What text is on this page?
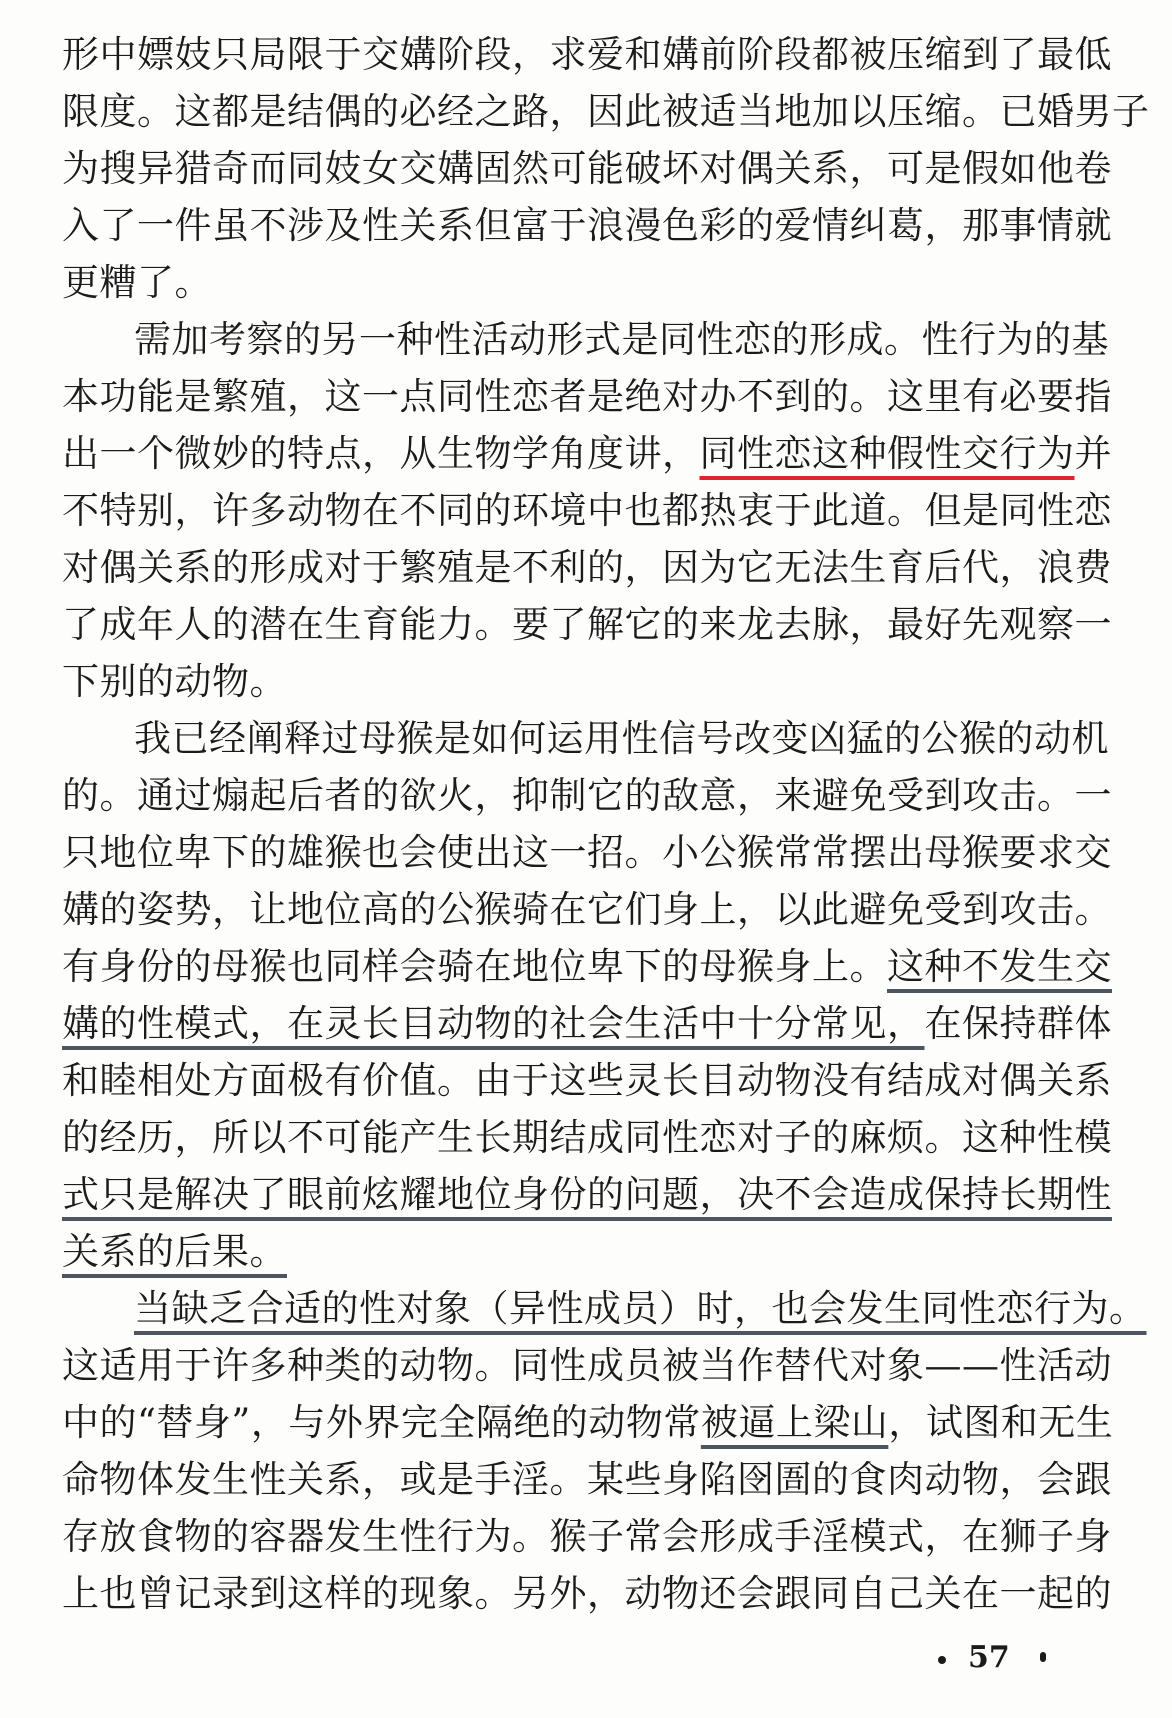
形中嫖妓只局限于交媾阶段，求爱和媾前阶段都被压缩到了最低
限度。这都是结偶的必经之路，因此被适当地加以压缩。已婚男子
为搜异猎奇而同妓女交媾固然可能破坏对偶关系，可是假如他卷
入了一件虽不涉及性关系但富于浪漫色彩的爱情纠葛，那事情就
更糟了。
需加考察的另一种性活动形式是同性恋的形成。性行为的基
本功能是繁殖，这一点同性恋者是绝对办不到的。这里有必要指
出一个微妙的特点，从生物学角度讲，同性恋这种假性交行为并
不特别，许多动物在不同的环境中也都热衷于此道。但是同性恋
对偶关系的形成对于繁殖是不利的，因为它无法生育后代，浪费
了成年人的潜在生育能力。要了解它的来龙去脉，最好先观察一
下别的动物。
我已经阐释过母猴是如何运用性信号改变凶猛的公猴的动机
的。通过煽起后者的欲火，抑制它的敌意，来避免受到攻击。一
只地位卑下的雄猴也会使出这一招。小公猴常常摆出母猴要求交
媾的姿势，让地位高的公猴骑在它们身上，以此避免受到攻击。
有身份的母猴也同样会骑在地位卑下的母猴身上。这种不发生交
媾的性模式，在灵长目动物的社会生活中十分常见，在保持群体
和睦相处方面极有价值。由于这些灵长目动物没有结成对偶关系
的经历，所以不可能产生长期结成同性恋对子的麻烦。这种性模
式只是解决了眼前炫耀地位身份的问题，决不会造成保持长期性
关系的后果。
当缺乏合适的性对象（异性成员）时，也会发生同性恋行为。
这适用于许多种类的动物。同性成员被当作替代对象——性活动
中的“替身”，与外界完全隔绝的动物常被逼上梁山，试图和无生
命物体发生性关系，或是手淫。某些身陷囹圄的食肉动物，会跟
存放食物的容器发生性行为。猴子常会形成手淫模式，在狮子身
上也曾记录到这样的现象。另外，动物还会跟同自己关在一起的
57
